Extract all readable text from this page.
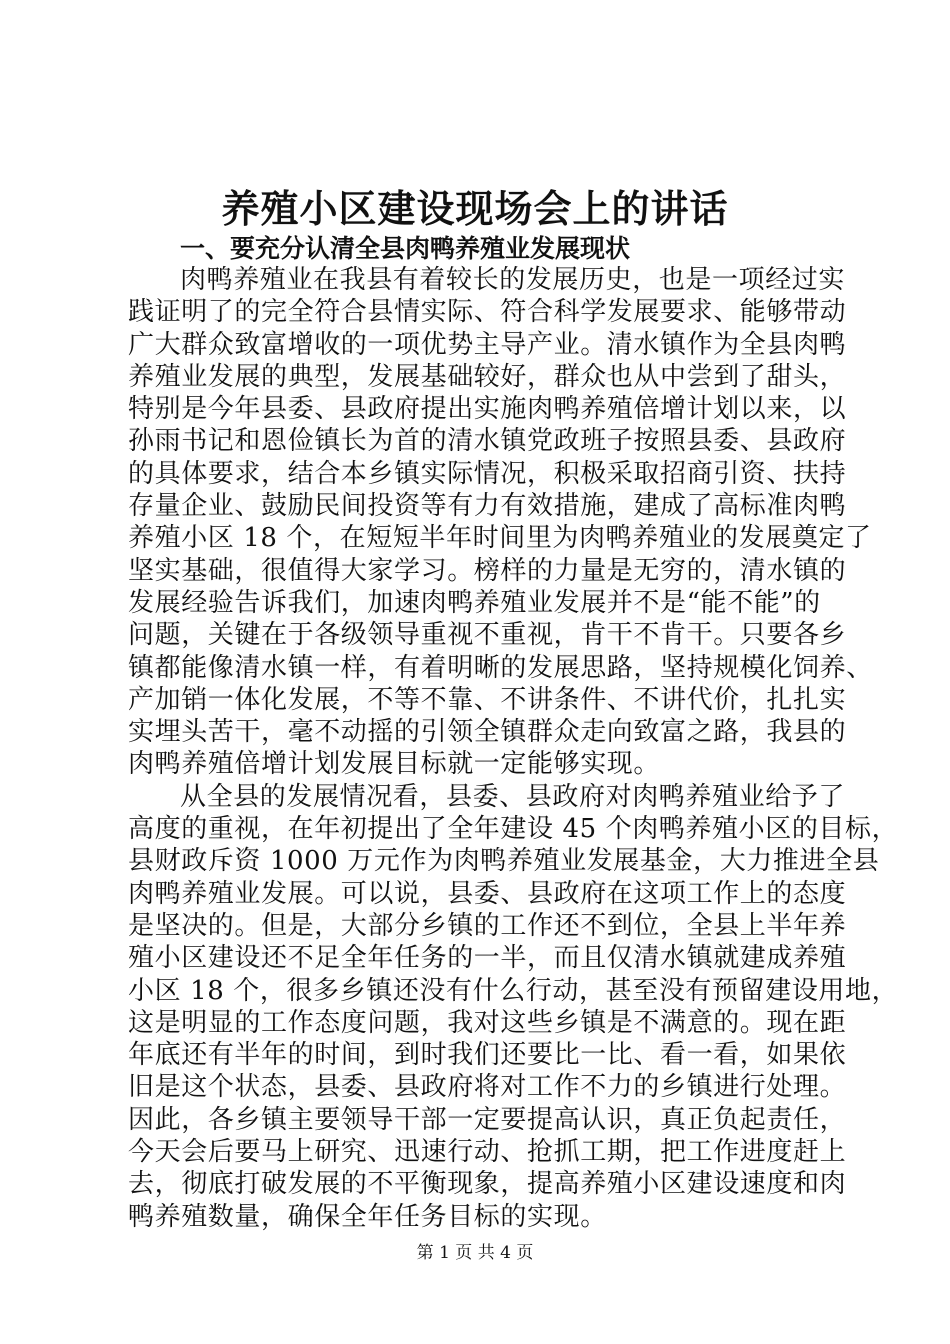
养殖小区建设现场会上的讲话
一、要充分认清全县肉鸭养殖业发展现状
肉鸭养殖业在我县有着较长的发展历史，也是一项经过实
践证明了的完全符合县情实际、符合科学发展要求、能够带动
广大群众致富增收的一项优势主导产业。清水镇作为全县肉鸭
养殖业发展的典型，发展基础较好，群众也从中尝到了甜头，
特别是今年县委、县政府提出实施肉鸭养殖倍增计划以来，以
孙雨书记和恩俭镇长为首的清水镇党政班子按照县委、县政府
的具体要求，结合本乡镇实际情况，积极采取招商引资、扶持
存量企业、鼓励民间投资等有力有效措施，建成了高标准肉鸭
养殖小区 18 个，在短短半年时间里为肉鸭养殖业的发展奠定了
坚实基础，很值得大家学习。榜样的力量是无穷的，清水镇的
发展经验告诉我们，加速肉鸭养殖业发展并不是“能不能”的
问题，关键在于各级领导重视不重视，肯干不肯干。只要各乡
镇都能像清水镇一样，有着明晰的发展思路，坚持规模化饲养、
产加销一体化发展，不等不靠、不讲条件、不讲代价，扎扎实
实埋头苦干，毫不动摇的引领全镇群众走向致富之路，我县的
肉鸭养殖倍增计划发展目标就一定能够实现。
从全县的发展情况看，县委、县政府对肉鸭养殖业给予了
高度的重视，在年初提出了全年建设 45 个肉鸭养殖小区的目标，
县财政斥资 1000 万元作为肉鸭养殖业发展基金，大力推进全县
肉鸭养殖业发展。可以说，县委、县政府在这项工作上的态度
是坚决的。但是，大部分乡镇的工作还不到位，全县上半年养
殖小区建设还不足全年任务的一半，而且仅清水镇就建成养殖
小区 18 个，很多乡镇还没有什么行动，甚至没有预留建设用地，
这是明显的工作态度问题，我对这些乡镇是不满意的。现在距
年底还有半年的时间，到时我们还要比一比、看一看，如果依
旧是这个状态，县委、县政府将对工作不力的乡镇进行处理。
因此，各乡镇主要领导干部一定要提高认识，真正负起责任，
今天会后要马上研究、迅速行动、抢抓工期，把工作进度赶上
去，彻底打破发展的不平衡现象，提高养殖小区建设速度和肉
鸭养殖数量，确保全年任务目标的实现。
第 1 页 共 4 页
